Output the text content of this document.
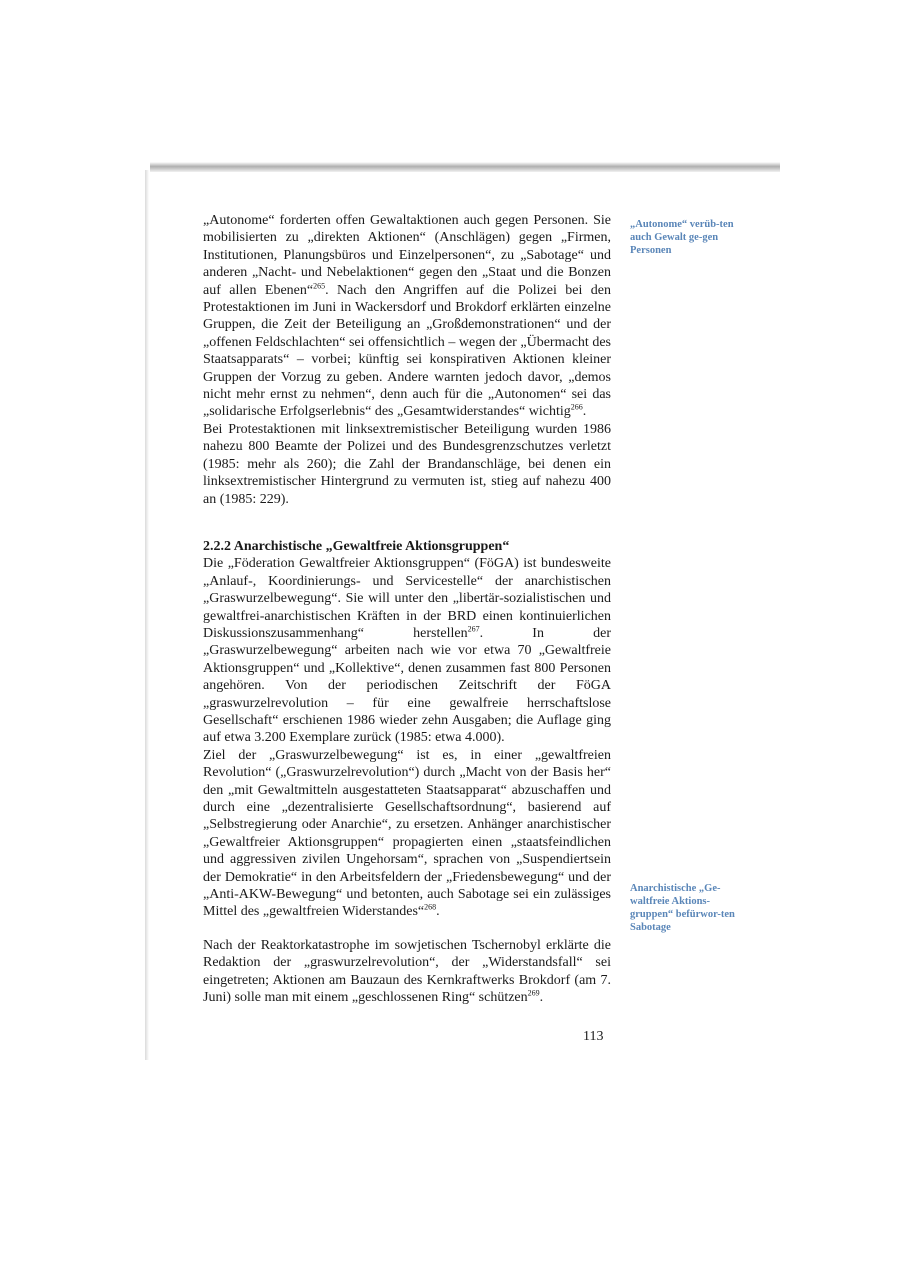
„Autonome“ forderten offen Gewaltaktionen auch gegen Personen. Sie mobilisierten zu „direkten Aktionen“ (Anschlägen) gegen „Firmen, Institutionen, Planungsbüros und Einzelpersonen“, zu „Sabotage“ und anderen „Nacht- und Nebelaktionen“ gegen den „Staat und die Bonzen auf allen Ebenen“$^{265}$. Nach den Angriffen auf die Polizei bei den Protestaktionen im Juni in Wackersdorf und Brokdorf erklärten einzelne Gruppen, die Zeit der Beteiligung an „Großdemonstrationen“ und der „offenen Feldschlachten“ sei offensichtlich – wegen der „Übermacht des Staatsapparats“ – vorbei; künftig sei konspirativen Aktionen kleiner Gruppen der Vorzug zu geben. Andere warnten jedoch davor, „demos nicht mehr ernst zu nehmen“, denn auch für die „Autonomen“ sei das „solidarische Erfolgserlebnis“ des „Gesamtwiderstandes“ wichtig$^{266}$.

Bei Protestaktionen mit linksextremistischer Beteiligung wurden 1986 nahezu 800 Beamte der Polizei und des Bundesgrenzschutzes verletzt (1985: mehr als 260); die Zahl der Brandanschläge, bei denen ein linksextremistischer Hintergrund zu vermuten ist, stieg auf nahezu 400 an (1985: 229).

2.2.2 Anarchistische „Gewaltfreie Aktionsgruppen“

Die „Föderation Gewaltfreier Aktionsgruppen“ (FöGA) ist bundesweite „Anlauf-, Koordinierungs- und Servicestelle“ der anarchistischen „Graswurzelbewegung“. Sie will unter den „libertär-sozialistischen und gewaltfrei-anarchistischen Kräften in der BRD einen kontinuierlichen Diskussionszusammenhang“ herstellen$^{267}$. In der „Graswurzelbewegung“ arbeiten nach wie vor etwa 70 „Gewaltfreie Aktionsgruppen“ und „Kollektive“, denen zusammen fast 800 Personen angehören. Von der periodischen Zeitschrift der FöGA „graswurzelrevolution – für eine gewalfreie herrschaftslose Gesellschaft“ erschienen 1986 wieder zehn Ausgaben; die Auflage ging auf etwa 3.200 Exemplare zurück (1985: etwa 4.000).

Ziel der „Graswurzelbewegung“ ist es, in einer „gewaltfreien Revolution“ („Graswurzelrevolution“) durch „Macht von der Basis her“ den „mit Gewaltmitteln ausgestatteten Staatsapparat“ abzuschaffen und durch eine „dezentralisierte Gesellschaftsordnung“, basierend auf „Selbstregierung oder Anarchie“, zu ersetzen. Anhänger anarchistischer „Gewaltfreier Aktionsgruppen“ propagierten einen „staatsfeindlichen und aggressiven zivilen Ungehorsam“, sprachen von „Suspendiertsein der Demokratie“ in den Arbeitsfeldern der „Friedensbewegung“ und der „Anti-AKW-Bewegung“ und betonten, auch Sabotage sei ein zulässiges Mittel des „gewaltfreien Widerstandes“$^{268}$.

Nach der Reaktorkatastrophe im sowjetischen Tschernobyl erklärte die Redaktion der „graswurzelrevolution“, der „Widerstandsfall“ sei eingetreten; Aktionen am Bauzaun des Kernkraftwerks Brokdorf (am 7. Juni) solle man mit einem „geschlossenen Ring“ schützen$^{269}$.

„Autonome“ verüb-ten auch Gewalt ge-gen Personen
Anarchistische „Ge-waltfreie Aktions-gruppen“ befürwor-ten Sabotage
113
